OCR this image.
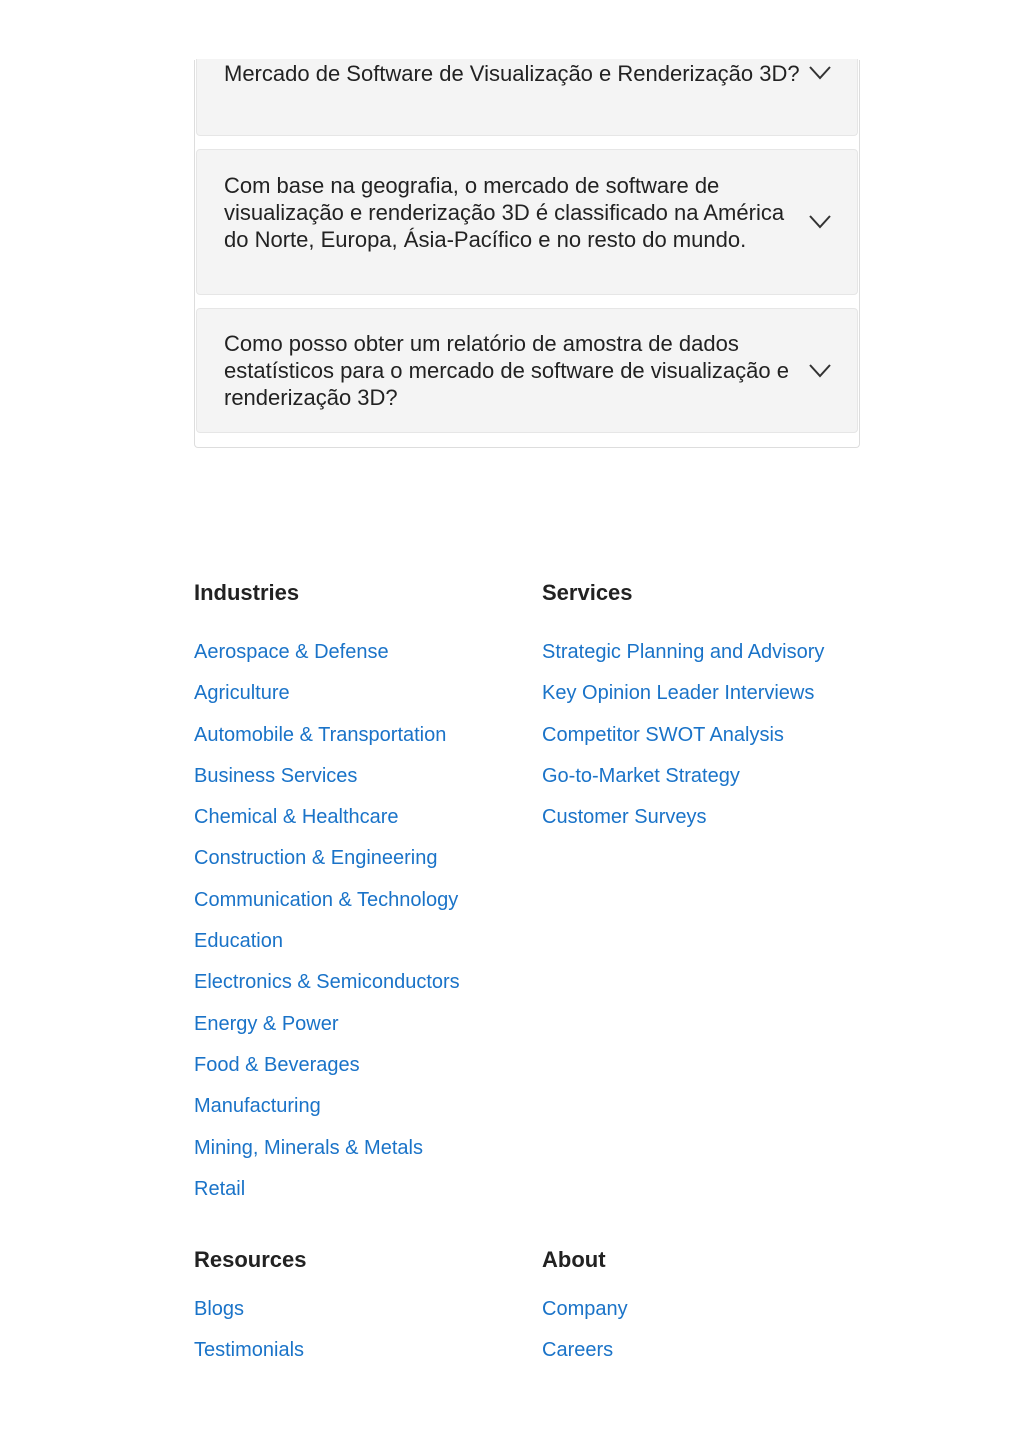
Mercado de Software de Visualização e Renderização 3D?
Com base na geografia, o mercado de software de visualização e renderização 3D é classificado na América do Norte, Europa, Ásia-Pacífico e no resto do mundo.
Como posso obter um relatório de amostra de dados estatísticos para o mercado de software de visualização e renderização 3D?
Industries
Aerospace & Defense
Agriculture
Automobile & Transportation
Business Services
Chemical & Healthcare
Construction & Engineering
Communication & Technology
Education
Electronics & Semiconductors
Energy & Power
Food & Beverages
Manufacturing
Mining, Minerals & Metals
Retail
Services
Strategic Planning and Advisory
Key Opinion Leader Interviews
Competitor SWOT Analysis
Go-to-Market Strategy
Customer Surveys
Resources
Blogs
Testimonials
About
Company
Careers
